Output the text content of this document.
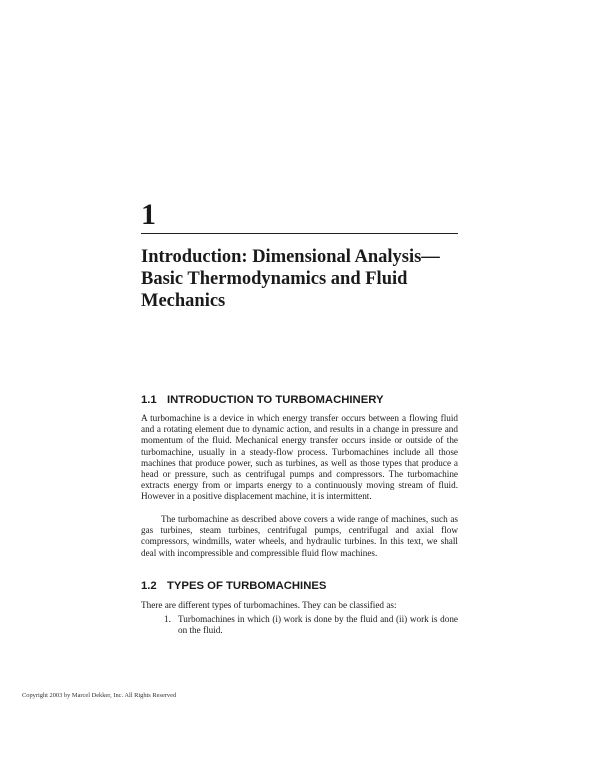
1
Introduction: Dimensional Analysis—Basic Thermodynamics and Fluid Mechanics
1.1 INTRODUCTION TO TURBOMACHINERY

A turbomachine is a device in which energy transfer occurs between a flowing fluid and a rotating element due to dynamic action, and results in a change in pressure and momentum of the fluid. Mechanical energy transfer occurs inside or outside of the turbomachine, usually in a steady-flow process. Turbomachines include all those machines that produce power, such as turbines, as well as those types that produce a head or pressure, such as centrifugal pumps and compressors. The turbomachine extracts energy from or imparts energy to a continuously moving stream of fluid. However in a positive displacement machine, it is intermittent.

The turbomachine as described above covers a wide range of machines, such as gas turbines, steam turbines, centrifugal pumps, centrifugal and axial flow compressors, windmills, water wheels, and hydraulic turbines. In this text, we shall deal with incompressible and compressible fluid flow machines.

1.2 TYPES OF TURBOMACHINES

There are different types of turbomachines. They can be classified as:

1. Turbomachines in which (i) work is done by the fluid and (ii) work is done on the fluid.
Copyright 2003 by Marcel Dekker, Inc. All Rights Reserved
